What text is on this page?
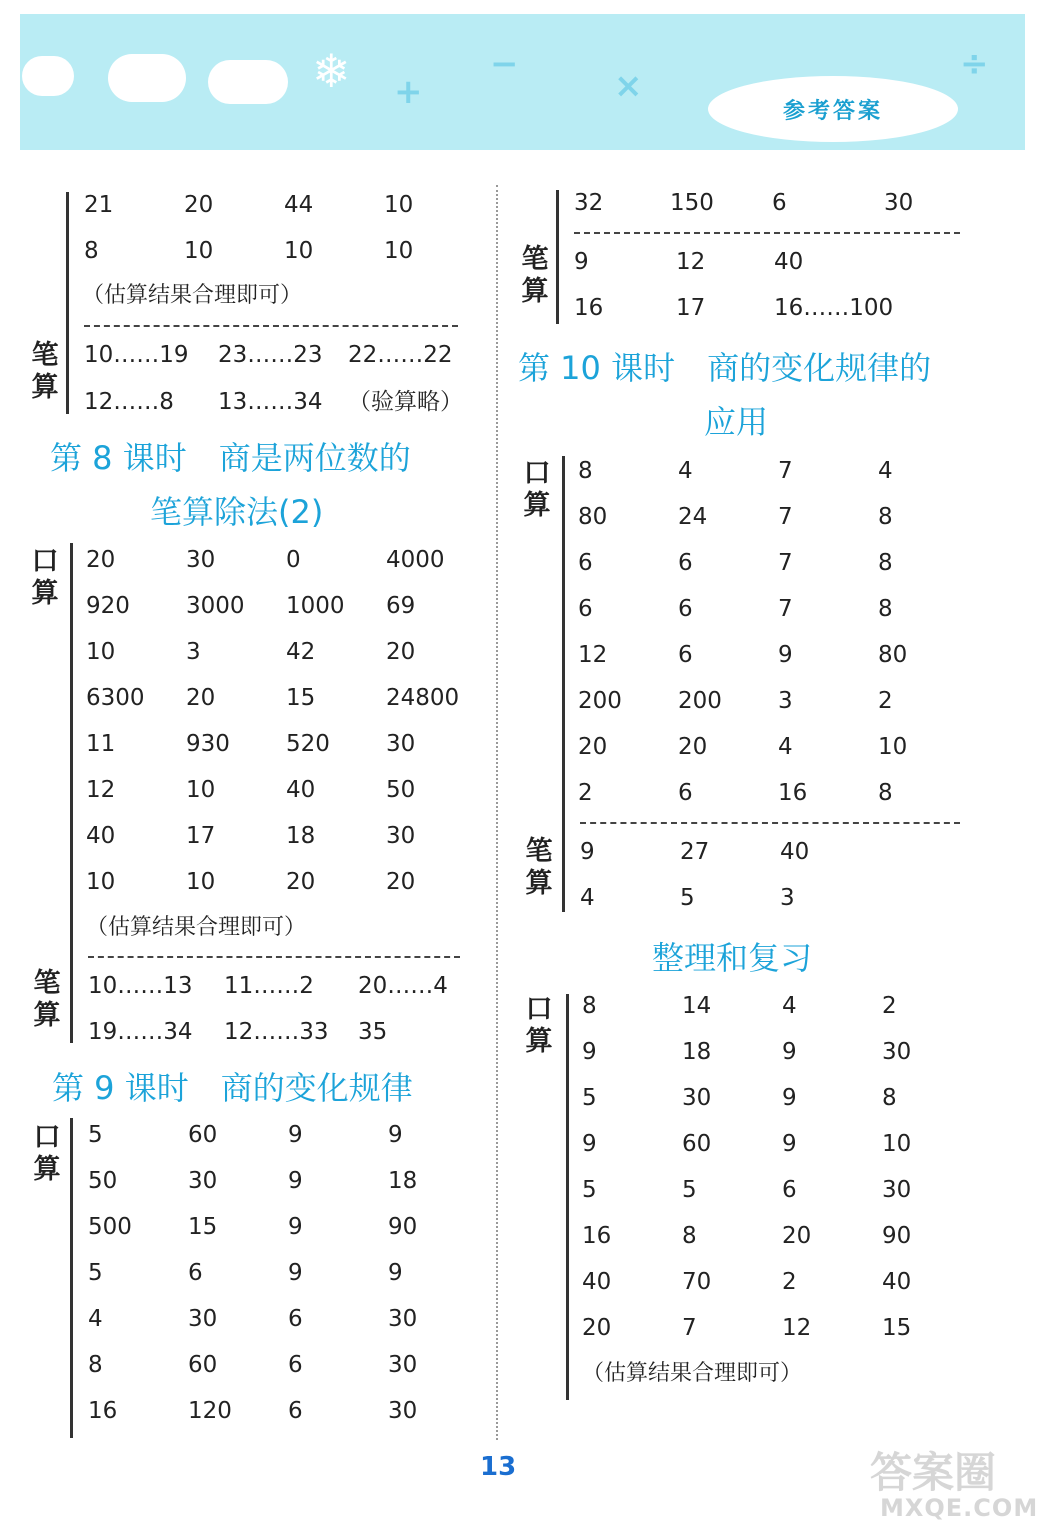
❄ +
−
×
÷
参考答案
21	20	44	10
8	10	10	10
（估算结果合理即可）
笔
算
10……19 23……23 22……22
12……8 13……34 （验算略）
第 8 课时　商是两位数的
笔算除法(2)
口
算
20	30	0	4000
920 3000 1000 69
10	3	42	20
6300 20	15	24800
11	930 520 30
12	10	40	50
40	17	18	30
10	10	20	20
（估算结果合理即可）
笔
算
10……13 11……2 20……4
19……34 12……33 35
第 9 课时　商的变化规律
口
算
5	60	9	9
50	30	9	18
500 15	9	90
5	6	9	9
4	30	6	30
8	60	6	30
16	120 6	30
32	150	6	30
笔
算
9	12	40
16	17	16……100
第 10 课时　商的变化规律的
应用
口
算
8	4	7	4
80	24	7	8
6	6	7	8
6	6	7	8
12	6	9	80
200 200 3	2
20	20	4	10
2	6	16	8
笔
算
9	27	40
4	5	3
整理和复习
口
算
8	14	4	2
9	18	9	30
5	30	9	8
9	60	9	10
5	5	6	30
16	8	20	90
40	70	2	40
20	7	12	15
（估算结果合理即可）
13	答案圈
MXQE.COM
